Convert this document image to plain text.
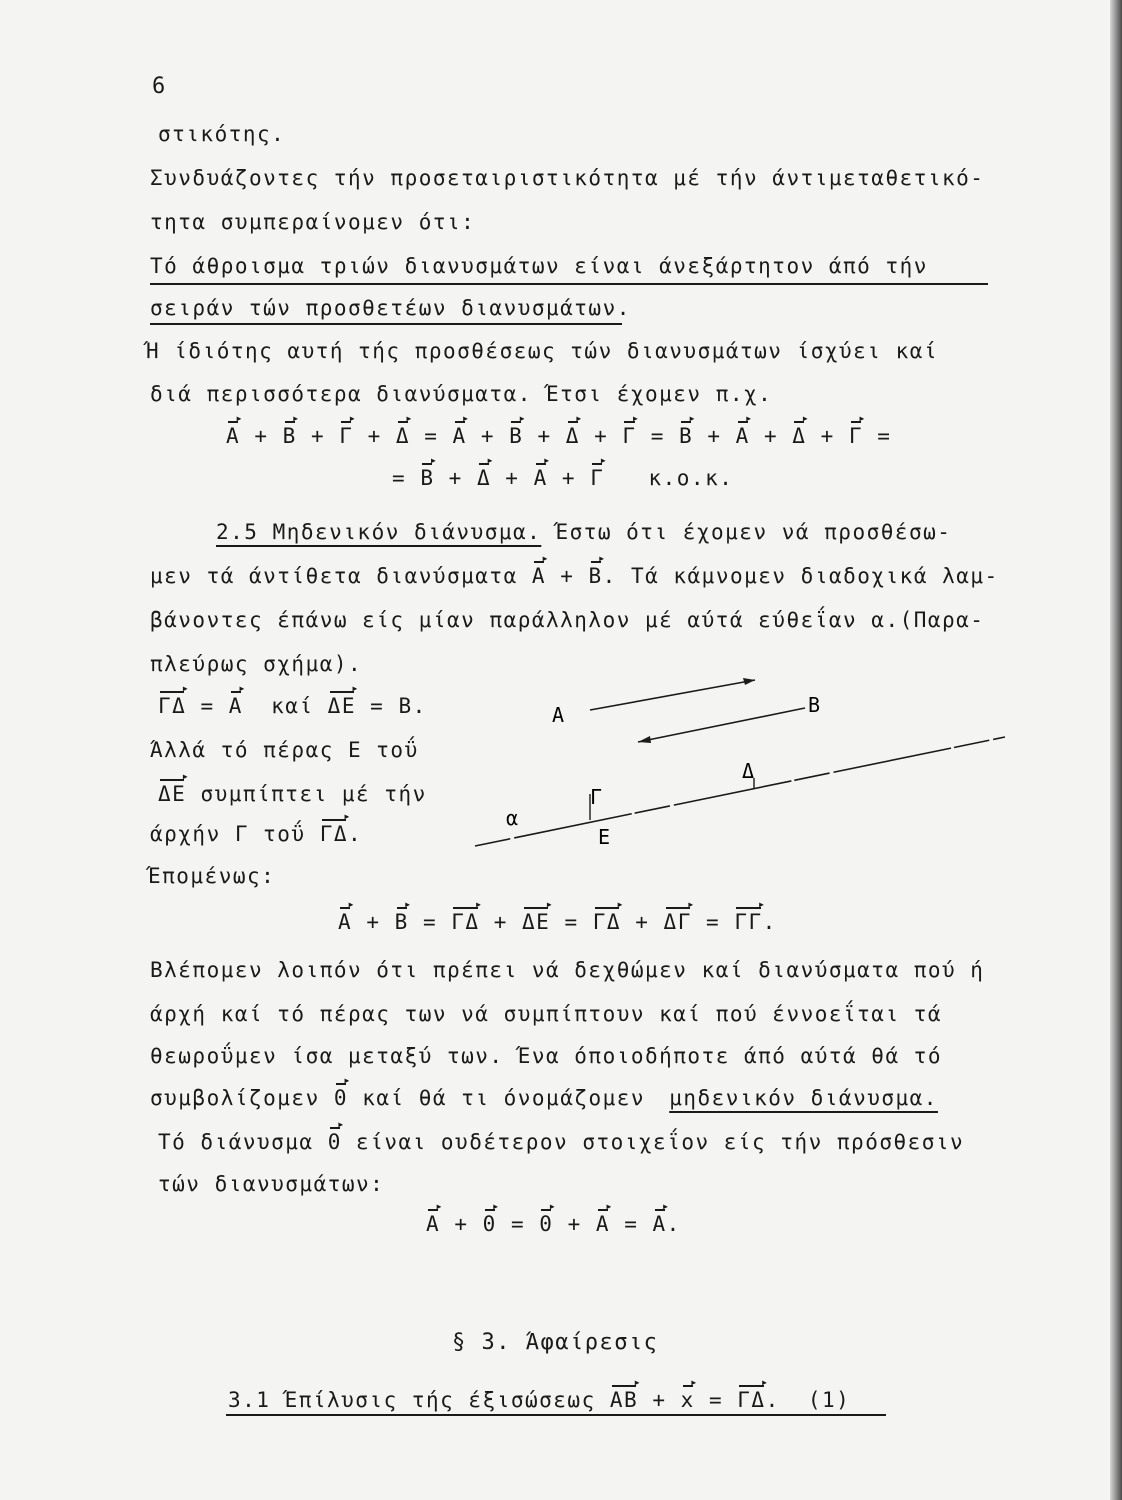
6
στικότης.
Συνδυάζοντες τήν προσεταιριστικότητα μέ τήν άντιμεταθετικό-
τητα συμπεραίνομεν ότι:
Τό άθροισμα τριών διανυσμάτων είναι άνεξάρτητον άπό τήν
σειράν τών προσθετέων διανυσμάτων.
Ή ίδιότης αυτή τής προσθέσεως τών διανυσμάτων ίσχύει καί
διά περισσότερα διανύσματα. Έτσι έχομεν π.χ.
Α ▸ + Β ▸ + Γ ▸ + Δ ▸ = Α ▸ + Β ▸ + Δ ▸ + Γ ▸ = Β ▸ + Α ▸ + Δ ▸ + Γ ▸ =
= Β ▸ + Δ ▸ + Α ▸ + Γ ▸ κ.ο.κ.
2.5 Μηδενικόν διάνυσμα. Έστω ότι έχομεν νά προσθέσω-
μεν τά άντίθετα διανύσματα Α ▸ + Β ▸. Τά κάμνομεν διαδοχικά λαμ-
βάνοντες έπάνω είς μίαν παράλληλον μέ αύτά εύθεΐαν α.(Παρα-
πλεύρως σχήμα).
ΓΔ ▸ = Α ▸ καί ΔΕ ▸ = Β.
Άλλά τό πέρας Ε τοΰ
ΔΕ ▸ συμπίπτει μέ τήν
άρχήν Γ τοΰ ΓΔ ▸.
Έπομένως:
Α	Β
α
Γ
Ε
Δ
Α ▸ + Β ▸ = ΓΔ ▸ + ΔΕ ▸ = ΓΔ ▸ + ΔΓ ▸ = ΓΓ ▸.
Βλέπομεν λοιπόν ότι πρέπει νά δεχθώμεν καί διανύσματα πού ή
άρχή καί τό πέρας των νά συμπίπτουν καί πού έννοεΐται τά
θεωροΰμεν ίσα μεταξύ των. Ένα όποιοδήποτε άπό αύτά θά τό
συμβολίζομεν 0 ▸ καί θά τι όνομάζομεν μηδενικόν διάνυσμα.
Τό διάνυσμα 0 ▸ είναι ουδέτερον στοιχεΐον είς τήν πρόσθεσιν
τών διανυσμάτων:
Α ▸ + 0 ▸ = 0 ▸ + Α ▸ = Α ▸.
§ 3. Άφαίρεσις
3.1 Έπίλυσις τής έξισώσεως ΑΒ ▸ + x ▸ = ΓΔ ▸. (1)
